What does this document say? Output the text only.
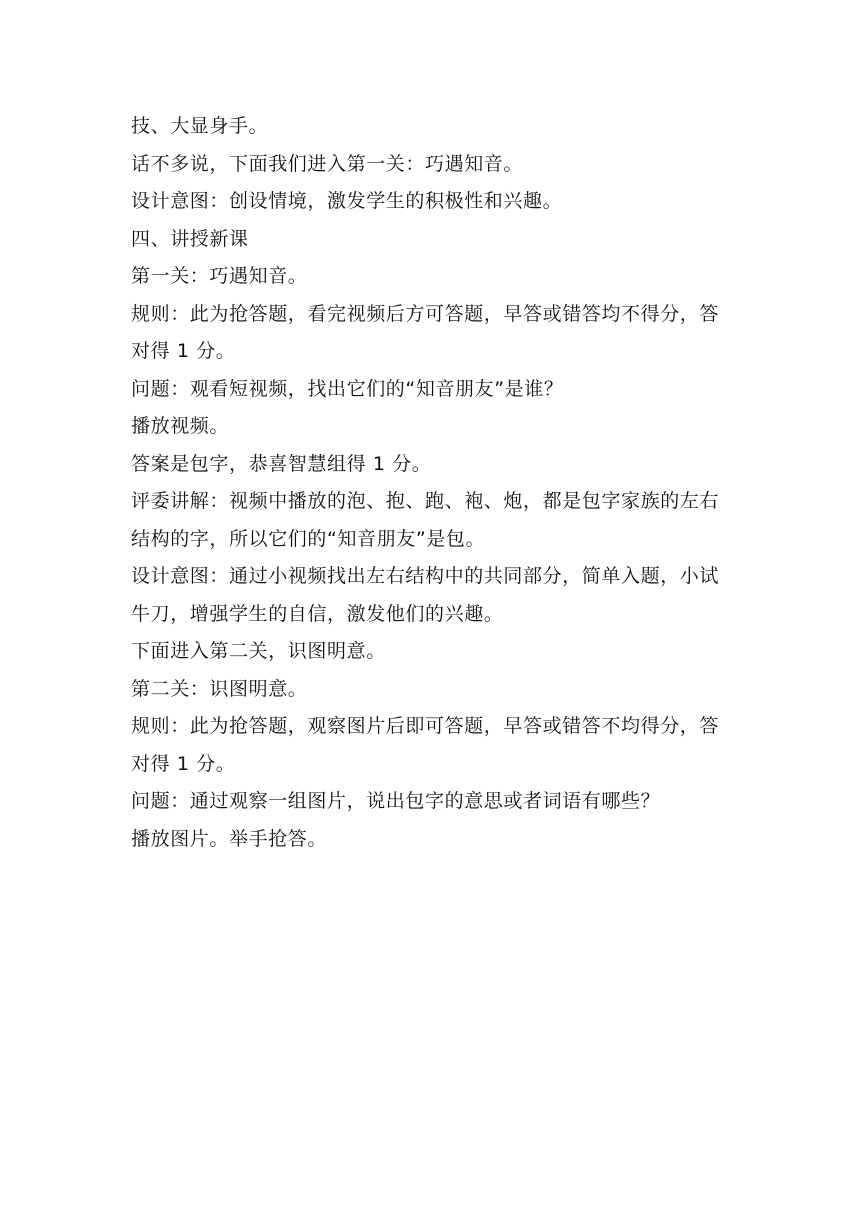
技、大显身手。

话不多说，下面我们进入第一关：巧遇知音。

设计意图：创设情境，激发学生的积极性和兴趣。

四、讲授新课

第一关：巧遇知音。

规则：此为抢答题，看完视频后方可答题，早答或错答均不得分，答

对得 1 分。

问题：观看短视频，找出它们的“知音朋友”是谁？

播放视频。

答案是包字，恭喜智慧组得 1 分。

评委讲解：视频中播放的泡、抱、跑、袍、炮，都是包字家族的左右

结构的字，所以它们的“知音朋友”是包。

设计意图：通过小视频找出左右结构中的共同部分，简单入题，小试

牛刀，增强学生的自信，激发他们的兴趣。

下面进入第二关，识图明意。

第二关：识图明意。

规则：此为抢答题，观察图片后即可答题，早答或错答不均得分，答

对得 1 分。

问题：通过观察一组图片，说出包字的意思或者词语有哪些？

播放图片。举手抢答。
